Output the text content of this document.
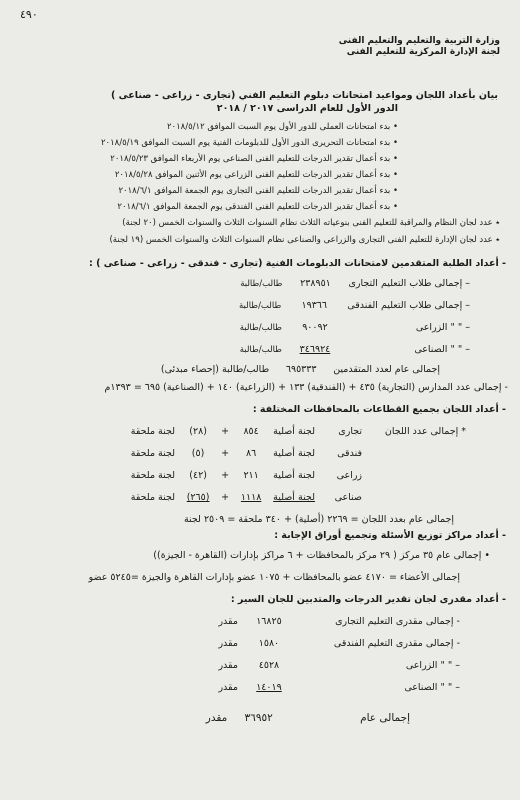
٤٩٠
وزارة التربية والتعليم والتعليم الفنى
لجنة الإدارة المركزية للتعليم الفنى
بيان بأعداد اللجان ومواعيد امتحانات دبلوم التعليم الفني (تجارى - زراعى - صناعى )
الدور الأول للعام الدراسى ٢٠١٧ / ٢٠١٨
• بدء امتحانات العملى للدور الأول يوم السبت الموافق ٢٠١٨/٥/١٢
• بدء امتحانات التحريرى الدور الأول للدبلومات الفنية يوم السبت الموافق ٢٠١٨/٥/١٩
• بدء أعمال تقدير الدرجات للتعليم الفنى الصناعى يوم الأربعاء الموافق ٢٠١٨/٥/٢٣
• بدء أعمال تقدير الدرجات للتعليم الفنى الزراعى يوم الأثنين الموافق ٢٠١٨/٥/٢٨
• بدء أعمال تقدير الدرجات للتعليم الفنى التجارى يوم الجمعة الموافق ٢٠١٨/٦/١
• بدء أعمال تقدير الدرجات للتعليم الفنى الفندقى يوم الجمعة الموافق ٢٠١٨/٦/١
٭ عدد لجان النظام والمراقبة للتعليم الفنى بنوعياته الثلاث نظام السنوات الثلاث والسنوات الخمس (٢٠ لجنة)
٭ عدد لجان الإدارة للتعليم الفنى التجارى والزراعى والصناعى نظام السنوات الثلاث والسنوات الخمس (١٩ لجنة)
- أعداد الطلبة المتقدمين لامتحانات الدبلومات الفنية (تجارى - فندقى - زراعى - صناعى ) :
– إجمالى طلاب التعليم التجارى ٢٣٨٩٥١ طالب/طالبة
– إجمالى طلاب التعليم الفندقى ١٩٣٦٦ طالب/طالبة
– " " الزراعى ٩٠٠٩٢ طالب/طالبة
– " " الصناعى ٣٤٦٩٢٤ طالب/طالبة
إجمالى عام لعدد المتقدمين ٦٩٥٣٣٣ طالب/طالبة (إحصاء مبدئى)
- إجمالى عدد المدارس (التجارية) ٤٣٥ + (الفندقية) ١٣٣ + (الزراعية) ١٤٠ + (الصناعية) ٦٩٥ = ١٣٩٣م
- أعداد اللجان بجميع القطاعات بالمحافظات المختلفة :
* إجمالى عدد اللجان
تجارى لجنة أصلية ٨٥٤ + (٢٨) لجنة ملحقة
فندقى لجنة أصلية ٨٦ + (٥) لجنة ملحقة
زراعى لجنة أصلية ٢١١ + (٤٢) لجنة ملحقة
صناعى لجنة أصلية ١١١٨ + (٢٦٥) لجنة ملحقة
إجمالى عام بعدد اللجان = ٢٢٦٩ (أصلية) + ٣٤٠ ملحقة = ٢٥٠٩ لجنة
- أعداد مراكز توزيع الأسئلة وتجميع أوراق الإجابة :
• إجمالى عام ٣٥ مركز ( ٢٩ مركز بالمحافظات + ٦ مراكز بإدارات (القاهرة - الجيزة))
إجمالى الأعضاء = ٤١٧٠ عضو بالمحافظات + ١٠٧٥ عضو بإدارات القاهرة والجيزة =٥٢٤٥ عضو
- أعداد مقدرى لجان تقدير الدرجات والمتدبين للجان السير :
- إجمالى مقدرى التعليم التجارى ١٦٨٢٥ مقدر
- إجمالى مقدرى التعليم الفندقى ١٥٨٠ مقدر
– " " الزراعى ٤٥٢٨ مقدر
– " " الصناعى ١٤٠١٩ مقدر
إجمالى عام ٣٦٩٥٢ مقدر
